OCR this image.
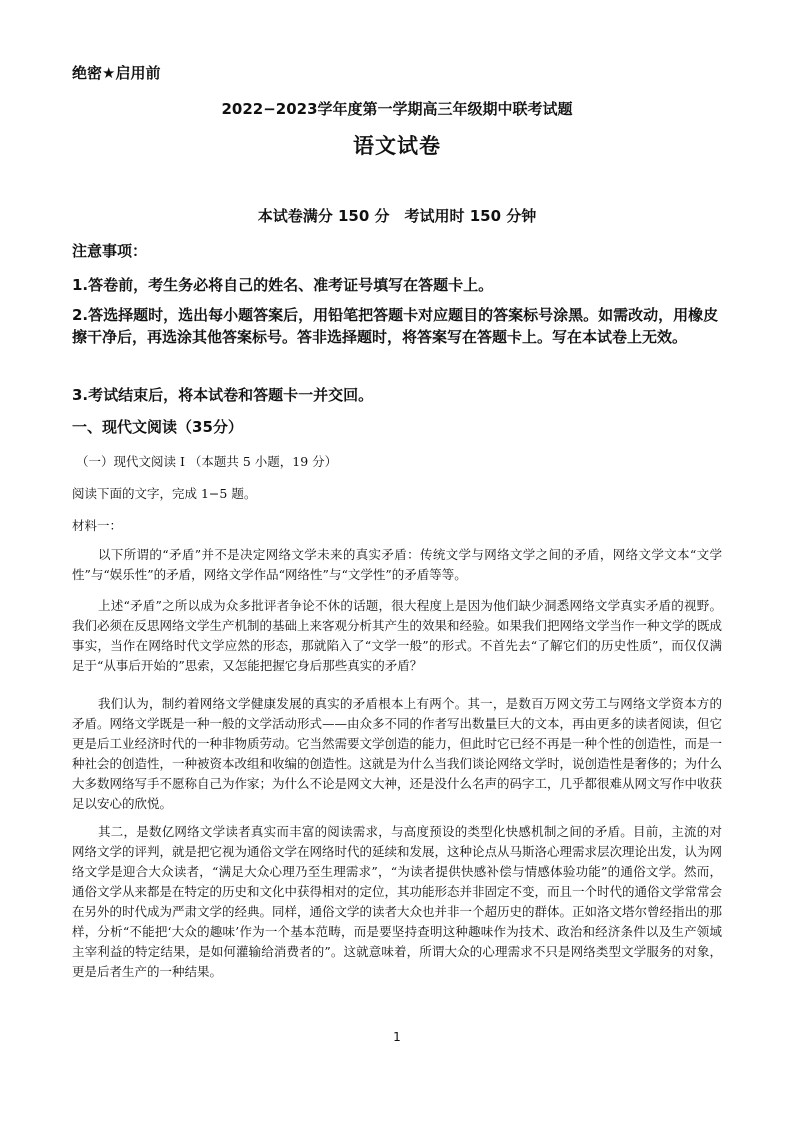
绝密★启用前
2022−2023学年度第一学期高三年级期中联考试题
语文试卷
本试卷满分 150 分　考试用时 150 分钟
注意事项：
1.答卷前，考生务必将自己的姓名、准考证号填写在答题卡上。
2.答选择题时，选出每小题答案后，用铅笔把答题卡对应题目的答案标号涂黑。如需改动，用橡皮擦干净后，再选涂其他答案标号。答非选择题时，将答案写在答题卡上。写在本试卷上无效。
3.考试结束后，将本试卷和答题卡一并交回。
一、现代文阅读（35分）
（一）现代文阅读 I （本题共 5 小题，19 分）
阅读下面的文字，完成 1−5 题。
材料一：
以下所谓的“矛盾”并不是决定网络文学未来的真实矛盾：传统文学与网络文学之间的矛盾，网络文学文本“文学性”与“娱乐性”的矛盾，网络文学作品“网络性”与“文学性”的矛盾等等。
上述“矛盾”之所以成为众多批评者争论不休的话题，很大程度上是因为他们缺少洞悉网络文学真实矛盾的视野。我们必须在反思网络文学生产机制的基础上来客观分析其产生的效果和经验。如果我们把网络文学当作一种文学的既成事实，当作在网络时代文学应然的形态，那就陷入了“文学一般”的形式。不首先去“了解它们的历史性质”，而仅仅满足于“从事后开始的”思索，又怎能把握它身后那些真实的矛盾？
我们认为，制约着网络文学健康发展的真实的矛盾根本上有两个。其一，是数百万网文劳工与网络文学资本方的矛盾。网络文学既是一种一般的文学活动形式——由众多不同的作者写出数量巨大的文本，再由更多的读者阅读，但它更是后工业经济时代的一种非物质劳动。它当然需要文学创造的能力，但此时它已经不再是一种个性的创造性，而是一种社会的创造性，一种被资本改组和收编的创造性。这就是为什么当我们谈论网络文学时，说创造性是奢侈的；为什么大多数网络写手不愿称自己为作家；为什么不论是网文大神，还是没什么名声的码字工，几乎都很难从网文写作中收获足以安心的欣悦。
其二，是数亿网络文学读者真实而丰富的阅读需求，与高度预设的类型化快感机制之间的矛盾。目前，主流的对网络文学的评判，就是把它视为通俗文学在网络时代的延续和发展，这种论点从马斯洛心理需求层次理论出发，认为网络文学是迎合大众读者，“满足大众心理乃至生理需求”，“为读者提供快感补偿与情感体验功能”的通俗文学。然而，通俗文学从来都是在特定的历史和文化中获得相对的定位，其功能形态并非固定不变，而且一个时代的通俗文学常常会在另外的时代成为严肃文学的经典。同样，通俗文学的读者大众也并非一个超历史的群体。正如洛文塔尔曾经指出的那样，分析“不能把‘大众的趣味’作为一个基本范畴，而是要坚持查明这种趣味作为技术、政治和经济条件以及生产领域主宰利益的特定结果，是如何灌输给消费者的”。这就意味着，所谓大众的心理需求不只是网络类型文学服务的对象，更是后者生产的一种结果。
1
